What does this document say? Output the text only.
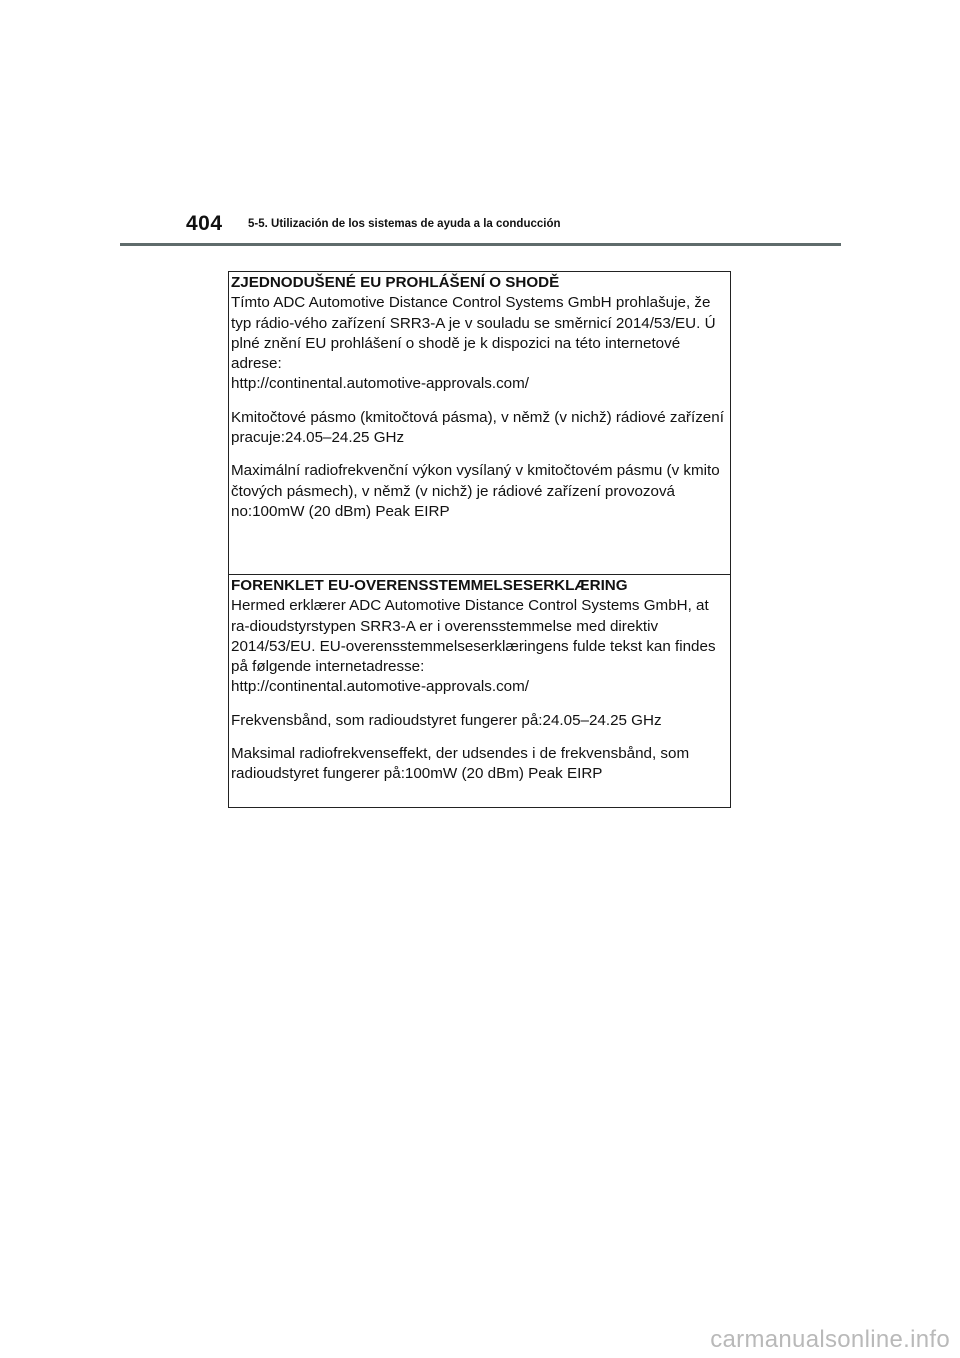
404 5-5. Utilización de los sistemas de ayuda a la conducción

ZJEDNODUŠENÉ EU PROHLÁŠENÍ O SHODĚ

Tímto ADC Automotive Distance Control Systems GmbH prohlašuje, že
typ rádio-vého zařízení SRR3-A je v souladu se směrnicí 2014/53/EU. Ú
plné znění EU prohlášení o shodě je k dispozici na této internetové
adrese:
http://continental.automotive-approvals.com/

Kmitočtové pásmo (kmitočtová pásma), v němž (v nichž) rádiové zařízení
pracuje:24.05–24.25 GHz

Maximální radiofrekvenční výkon vysílaný v kmitočtovém pásmu (v kmito
čtových pásmech), v němž (v nichž) je rádiové zařízení provozová
no:100mW (20 dBm) Peak EIRP

FORENKLET EU-OVERENSSTEMMELSESERKLÆRING

Hermed erklærer ADC Automotive Distance Control Systems GmbH, at
ra-dioudstyrstypen SRR3-A er i overensstemmelse med direktiv
2014/53/EU. EU-overensstemmelseserklæringens fulde tekst kan findes
på følgende internetadresse:
http://continental.automotive-approvals.com/

Frekvensbånd, som radioudstyret fungerer på:24.05–24.25 GHz

Maksimal radiofrekvenseffekt, der udsendes i de frekvensbånd, som
radioudstyret fungerer på:100mW (20 dBm) Peak EIRP

carmanualsonline.info
